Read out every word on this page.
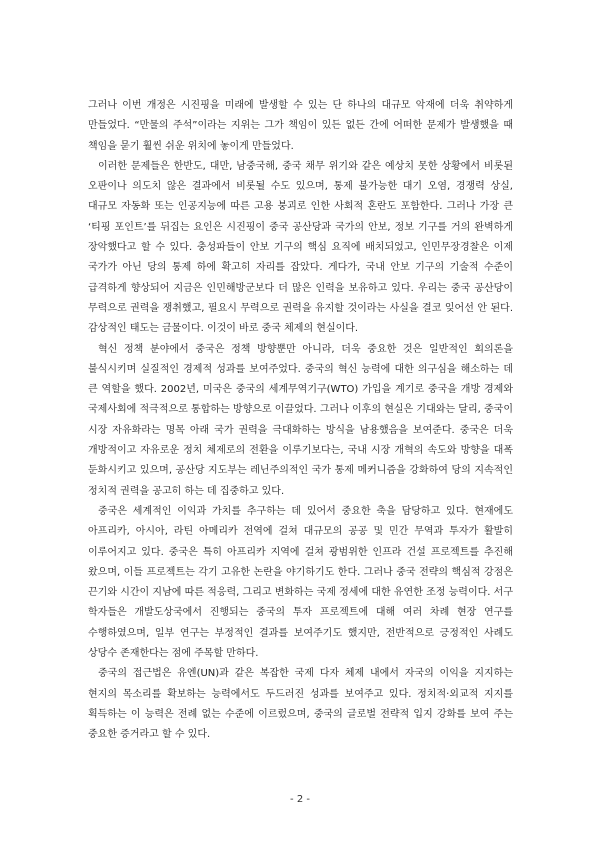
그러나 이번 개정은 시진핑을 미래에 발생할 수 있는 단 하나의 대규모 악재에 더욱 취약하게 만들었다. “만물의 주석”이라는 지위는 그가 책임이 있든 없든 간에 어떠한 문제가 발생했을 때 책임을 묻기 훨씬 쉬운 위치에 놓이게 만들었다.

이러한 문제들은 한반도, 대만, 남중국해, 중국 채무 위기와 같은 예상치 못한 상황에서 비롯된 오판이나 의도치 않은 결과에서 비롯될 수도 있으며, 통제 불가능한 대기 오염, 경쟁력 상실, 대규모 자동화 또는 인공지능에 따른 고용 붕괴로 인한 사회적 혼란도 포함한다. 그러나 가장 큰 ‘티핑 포인트’를 뒤집는 요인은 시진핑이 중국 공산당과 국가의 안보, 정보 기구를 거의 완벽하게 장악했다고 할 수 있다. 충성파들이 안보 기구의 핵심 요직에 배치되었고, 인민무장경찰은 이제 국가가 아닌 당의 통제 하에 확고히 자리를 잡았다. 게다가, 국내 안보 기구의 기술적 수준이 급격하게 향상되어 지금은 인민해방군보다 더 많은 인력을 보유하고 있다. 우리는 중국 공산당이 무력으로 권력을 쟁취했고, 필요시 무력으로 권력을 유지할 것이라는 사실을 결코 잊어선 안 된다. 감상적인 태도는 금물이다. 이것이 바로 중국 체제의 현실이다.

혁신 정책 분야에서 중국은 정책 방향뿐만 아니라, 더욱 중요한 것은 일반적인 회의론을 불식시키며 실질적인 경제적 성과를 보여주었다. 중국의 혁신 능력에 대한 의구심을 해소하는 데 큰 역할을 했다. 2002년, 미국은 중국의 세계무역기구(WTO) 가입을 계기로 중국을 개방 경제와 국제사회에 적극적으로 통합하는 방향으로 이끌었다. 그러나 이후의 현실은 기대와는 달리, 중국이 시장 자유화라는 명목 아래 국가 권력을 극대화하는 방식을 남용했음을 보여준다. 중국은 더욱 개방적이고 자유로운 정치 체제로의 전환을 이루기보다는, 국내 시장 개혁의 속도와 방향을 대폭 둔화시키고 있으며, 공산당 지도부는 레닌주의적인 국가 통제 메커니즘을 강화하여 당의 지속적인 정치적 권력을 공고히 하는 데 집중하고 있다.

중국은 세계적인 이익과 가치를 추구하는 데 있어서 중요한 축을 담당하고 있다. 현재에도 아프리카, 아시아, 라틴 아메리카 전역에 걸쳐 대규모의 공공 및 민간 무역과 투자가 활발히 이루어지고 있다. 중국은 특히 아프리카 지역에 걸쳐 광범위한 인프라 건설 프로젝트를 추진해 왔으며, 이들 프로젝트는 각기 고유한 논란을 야기하기도 한다. 그러나 중국 전략의 핵심적 강점은 끈기와 시간이 지남에 따른 적응력, 그리고 변화하는 국제 정세에 대한 유연한 조정 능력이다. 서구 학자들은 개발도상국에서 진행되는 중국의 투자 프로젝트에 대해 여러 차례 현장 연구를 수행하였으며, 일부 연구는 부정적인 결과를 보여주기도 했지만, 전반적으로 긍정적인 사례도 상당수 존재한다는 점에 주목할 만하다.

중국의 접근법은 유엔(UN)과 같은 복잡한 국제 다자 체제 내에서 자국의 이익을 지지하는 현지의 목소리를 확보하는 능력에서도 두드러진 성과를 보여주고 있다. 정치적·외교적 지지를 획득하는 이 능력은 전례 없는 수준에 이르렀으며, 중국의 글로벌 전략적 입지 강화를 보여 주는 중요한 증거라고 할 수 있다.

- 2 -
